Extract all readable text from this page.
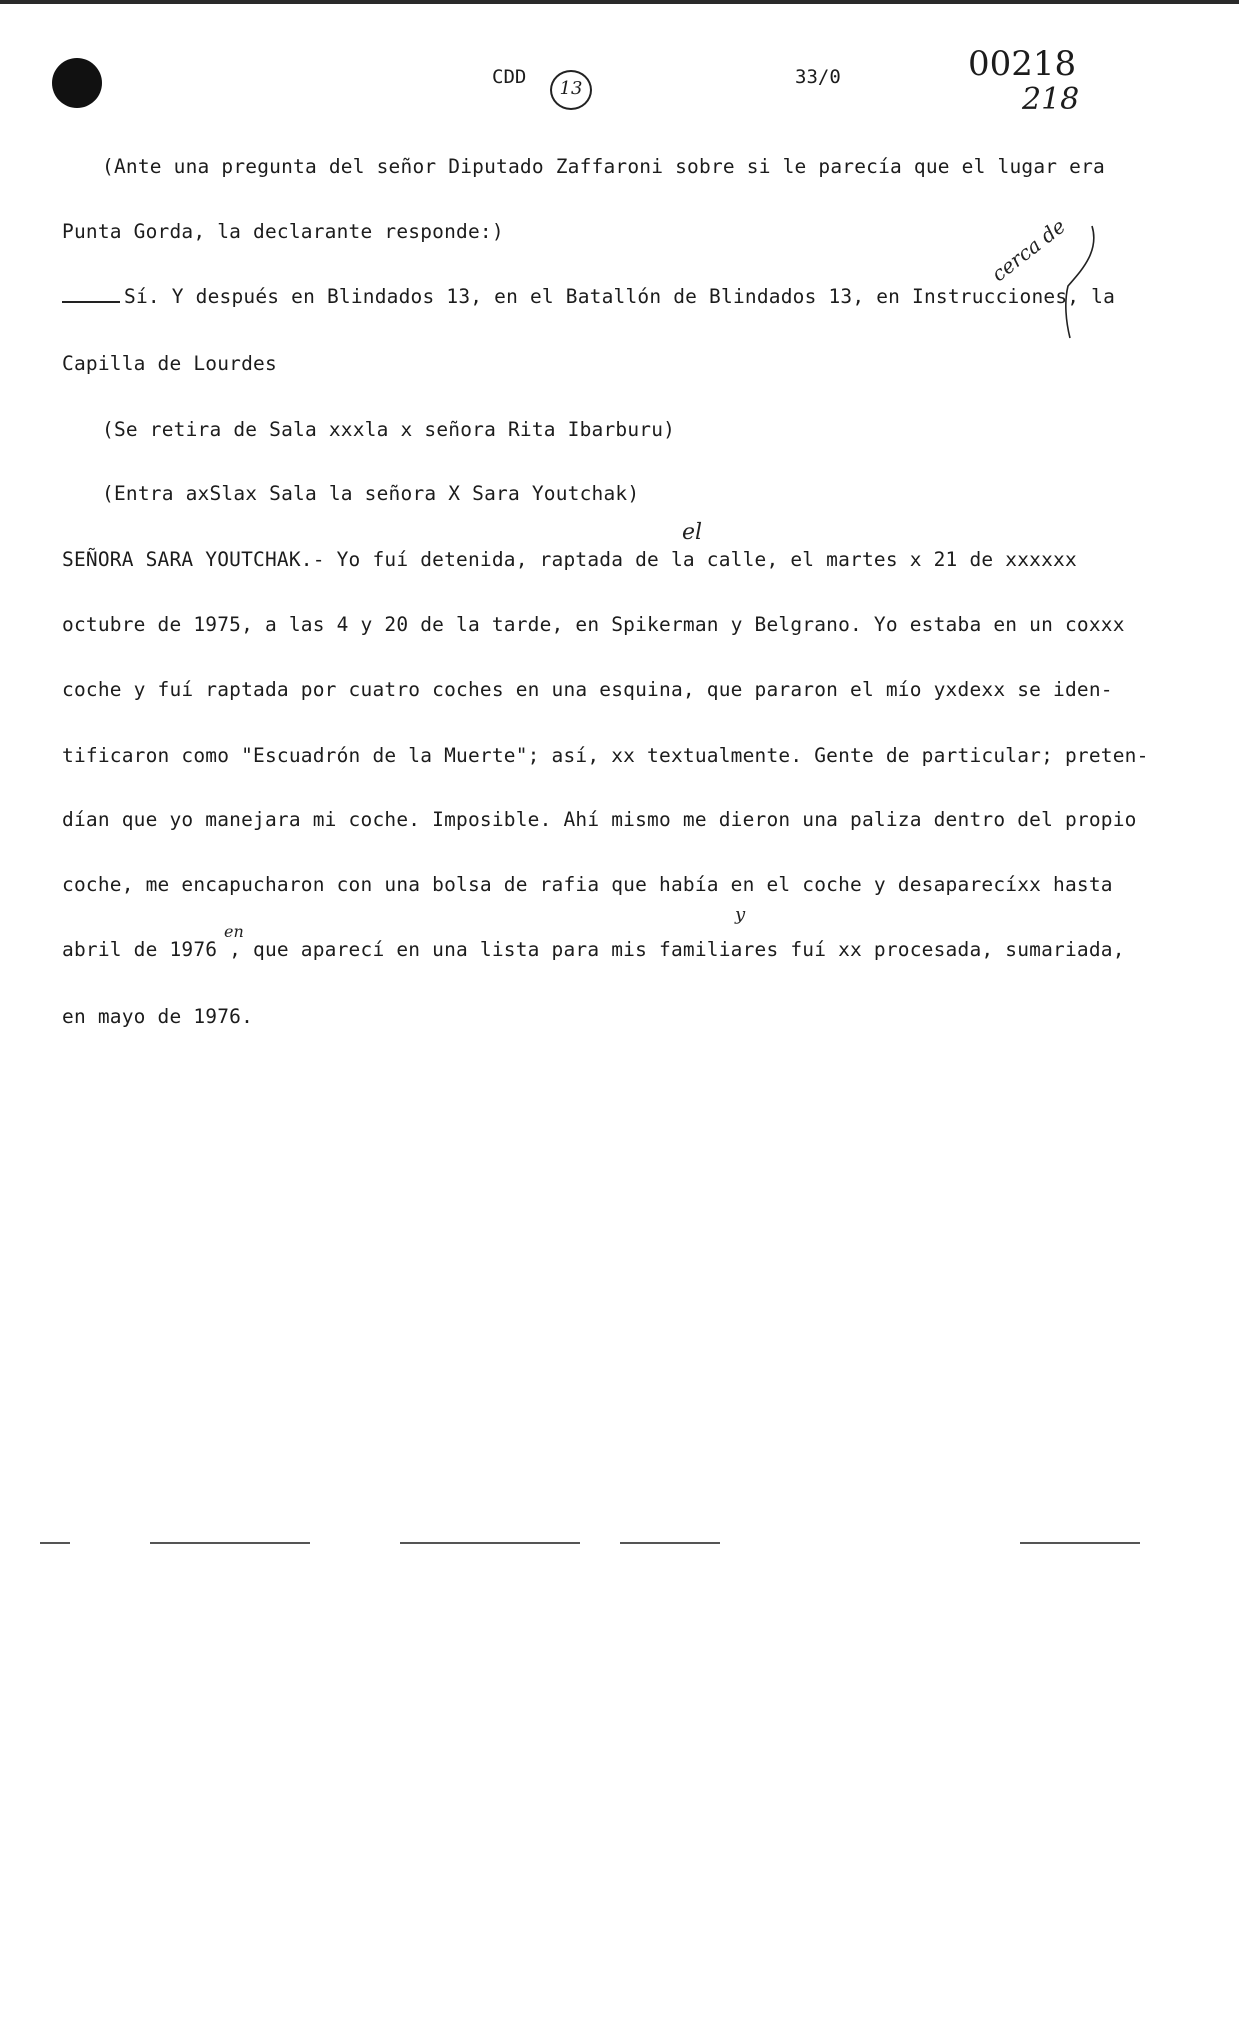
CDD
13
33/0	00218
218
(Ante una pregunta del señor Diputado Zaffaroni sobre si le parecía que el lugar era
Punta Gorda, la declarante responde:)
Sí. Y después en Blindados 13, en el Batallón de Blindados 13, en Instrucciones, la
Capilla de Lourdes
(Se retira de Sala xxxla x señora Rita Ibarburu)
(Entra axSlax Sala la señora X Sara Youtchak)
SEÑORA SARA YOUTCHAK.- Yo fuí detenida, raptada de la calle, el martes x 21 de xxxxxx
octubre de 1975, a las 4 y 20 de la tarde, en Spikerman y Belgrano. Yo estaba en un coxxx
coche y fuí raptada por cuatro coches en una esquina, que pararon el mío yxdexx se iden-
tificaron como "Escuadrón de la Muerte"; así, xx textualmente. Gente de particular; preten-
dían que yo manejara mi coche. Imposible. Ahí mismo me dieron una paliza dentro del propio
coche, me encapucharon con una bolsa de rafia que había en el coche y desaparecíxx hasta
abril de 1976 , que aparecí en una lista para mis familiares fuí xx procesada, sumariada,
en mayo de 1976.
cerca de
el
en
y
